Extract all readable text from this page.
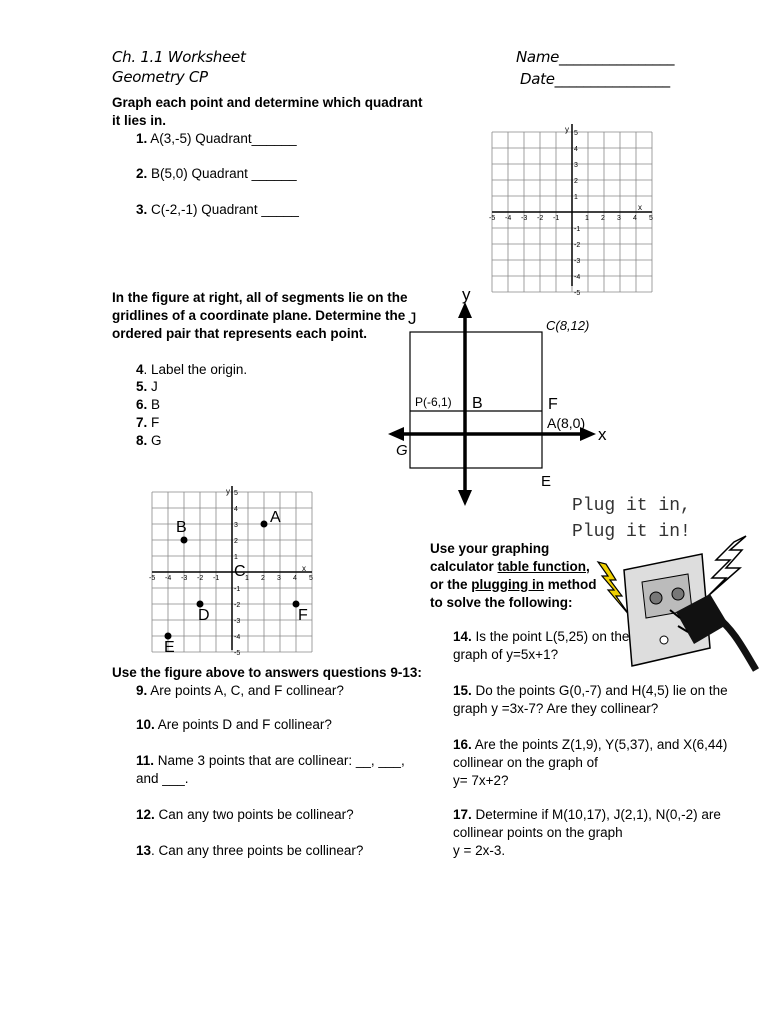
Ch. 1.1 Worksheet
Geometry CP
Name________________
Date________________
Graph each point and determine which quadrant
it lies in.
1. A(3,-5) Quadrant______
2. B(5,0) Quadrant ______
3. C(-2,-1) Quadrant _____
-5 -4 -3 -2 -1	1 2 3 4 5
5
4
3
2
1
-1
-2
-3
-4
-5
y
x
In the figure at right, all of segments lie on the
gridlines of a coordinate plane. Determine the
ordered pair that represents each point.
4. Label the origin.
5. J
6. B
7. F
8. G
y
x
J	C(8,12)
P(-6,1) B	F
A(8,0)
G
E
-5 -4 -3 -2 -1	1 2 3 4 5
5
4
3
2
1
-1
-2
-3
-4
-5
y
x
A
B
C
D	F
E
Use the figure above to answers questions 9-13:
9. Are points A, C, and F collinear?
10. Are points D and F collinear?
11. Name 3 points that are collinear: __, ___,
and ___.
12. Can any two points be collinear?
13. Can any three points be collinear?
Plug it in,
Plug it in!
Use your graphing
calculator table function,
or the plugging in method
to solve the following:
14. Is the point L(5,25) on the
graph of y=5x+1?
15. Do the points G(0,-7) and H(4,5) lie on the
graph y =3x-7? Are they collinear?
16. Are the points Z(1,9), Y(5,37), and X(6,44)
collinear on the graph of
y= 7x+2?
17. Determine if M(10,17), J(2,1), N(0,-2) are
collinear points on the graph
y = 2x-3.
